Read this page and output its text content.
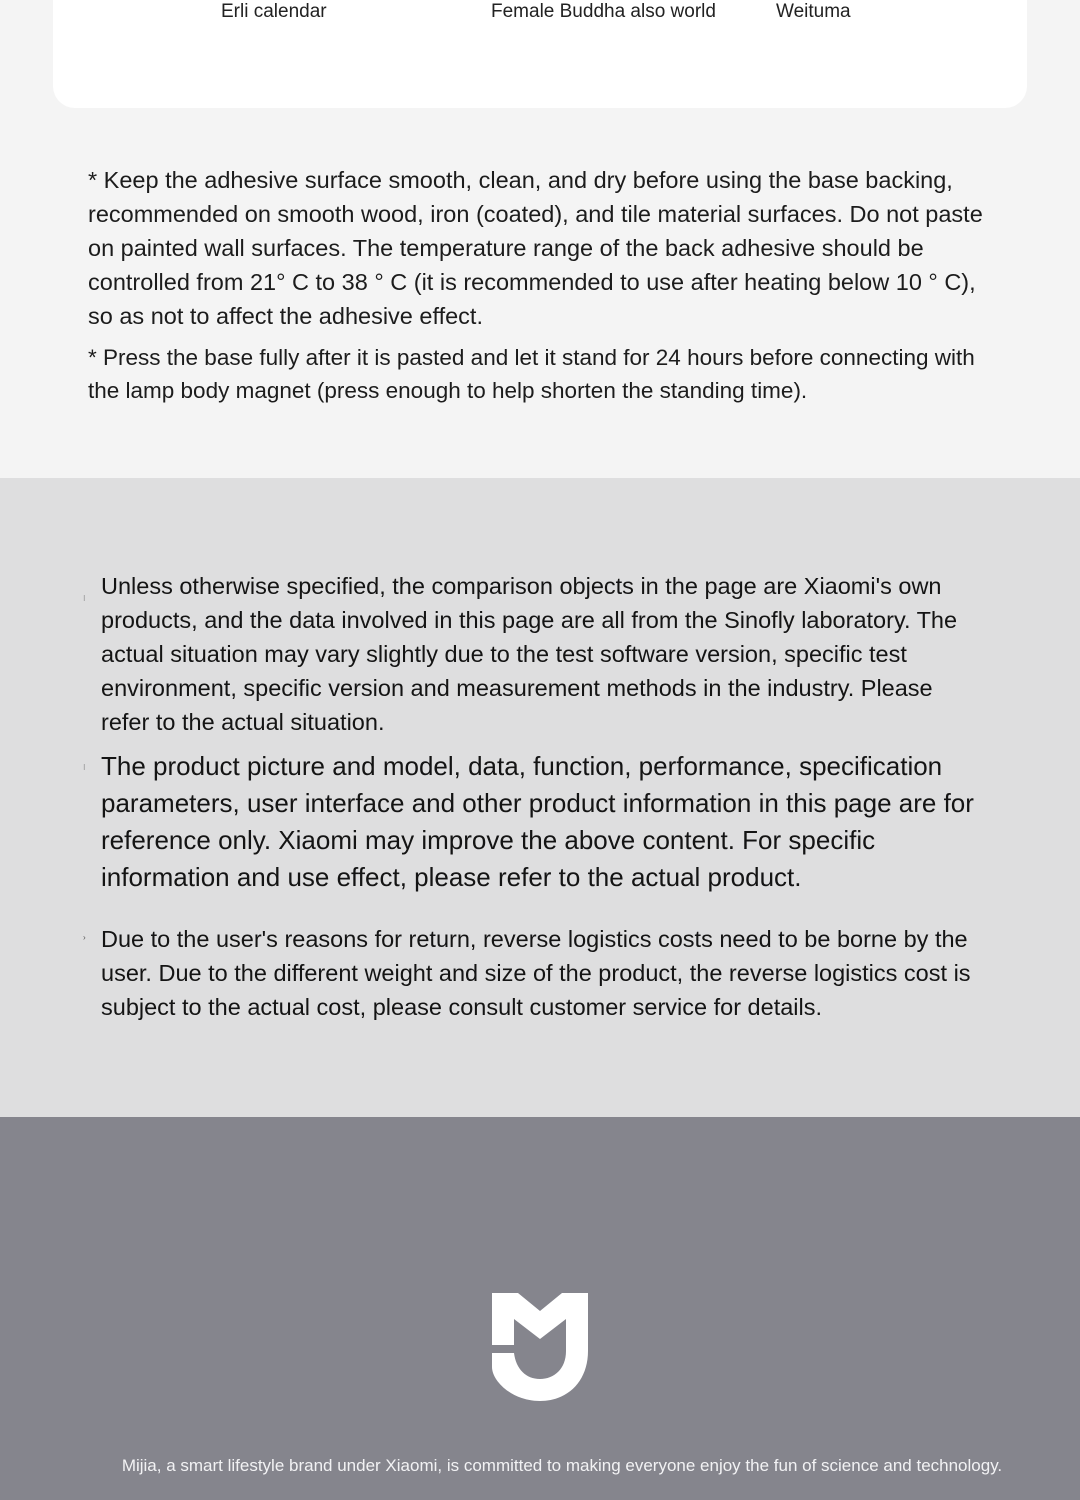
Erli calendar	Female Buddha also world	Weituma

* Keep the adhesive surface smooth, clean, and dry before using the base backing, recommended on smooth wood, iron (coated), and tile material surfaces. Do not paste on painted wall surfaces. The temperature range of the back adhesive should be controlled from 21° C to 38 ° C (it is recommended to use after heating below 10 ° C), so as not to affect the adhesive effect.

* Press the base fully after it is pasted and let it stand for 24 hours before connecting with the lamp body magnet (press enough to help shorten the standing time).

⁝ Unless otherwise specified, the comparison objects in the page are Xiaomi's own products, and the data involved in this page are all from the Sinofly laboratory. The actual situation may vary slightly due to the test software version, specific test environment, specific version and measurement methods in the industry. Please refer to the actual situation.

⁝ The product picture and model, data, function, performance, specification parameters, user interface and other product information in this page are for reference only. Xiaomi may improve the above content. For specific information and use effect, please refer to the actual product.

› Due to the user's reasons for return, reverse logistics costs need to be borne by the user. Due to the different weight and size of the product, the reverse logistics cost is subject to the actual cost, please consult customer service for details.

Mijia, a smart lifestyle brand under Xiaomi, is committed to making everyone enjoy the fun of science and technology.
